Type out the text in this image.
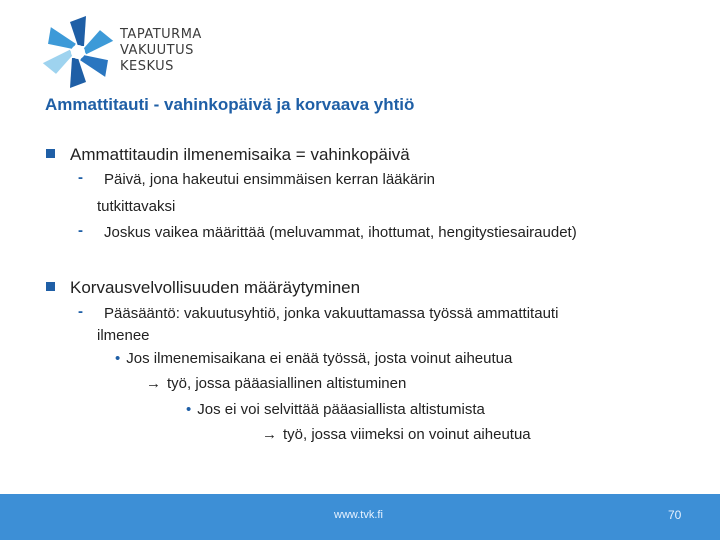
TAPATURMA
VAKUUTUS
KESKUS
Ammattitauti - vahinkopäivä ja korvaava yhtiö
Ammattitaudin ilmenemisaika = vahinkopäivä
- Päivä, jona hakeutui ensimmäisen kerran lääkärin
tutkittavaksi
- Joskus vaikea määrittää (meluvammat, ihottumat, hengitystiesairaudet)
Korvausvelvollisuuden määräytyminen
- Pääsääntö: vakuutusyhtiö, jonka vakuuttamassa työssä ammattitauti
ilmenee
• Jos ilmenemisaikana ei enää työssä, josta voinut aiheutua
→ työ, jossa pääasiallinen altistuminen
• Jos ei voi selvittää pääasiallista altistumista
→ työ, jossa viimeksi on voinut aiheutua
www.tvk.fi	70
